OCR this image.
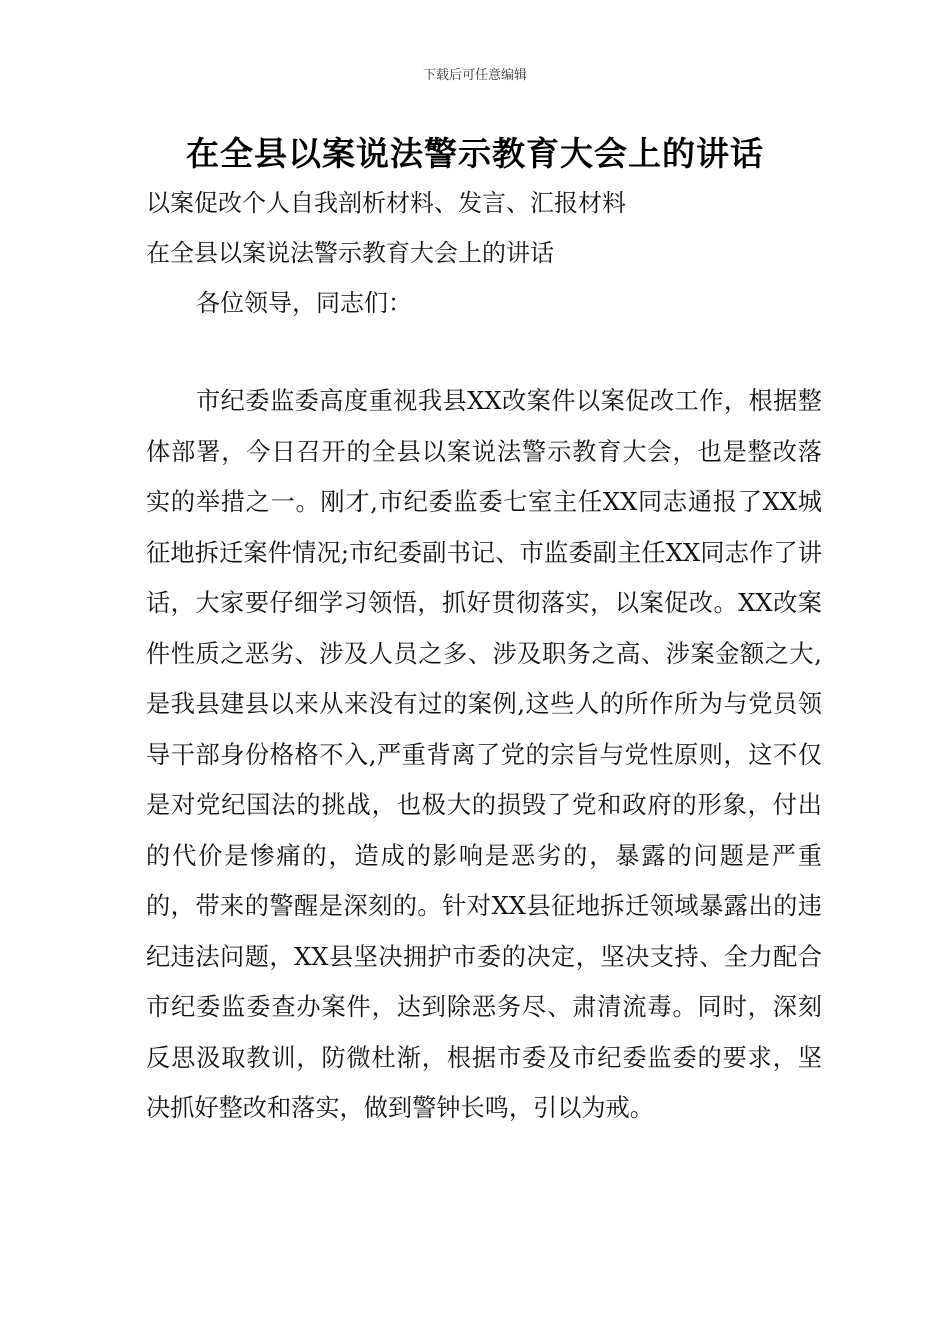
下载后可任意编辑
在全县以案说法警示教育大会上的讲话
以案促改个人自我剖析材料、发言、汇报材料
在全县以案说法警示教育大会上的讲话
各位领导，同志们：

市纪委监委高度重视我县XX改案件以案促改工作，根据整体部署，今日召开的全县以案说法警示教育大会，也是整改落实的举措之一。刚才,市纪委监委七室主任XX同志通报了XX城征地拆迁案件情况;市纪委副书记、市监委副主任XX同志作了讲话，大家要仔细学习领悟，抓好贯彻落实，以案促改。XX改案件性质之恶劣、涉及人员之多、涉及职务之高、涉案金额之大,是我县建县以来从来没有过的案例,这些人的所作所为与党员领导干部身份格格不入,严重背离了党的宗旨与党性原则，这不仅是对党纪国法的挑战，也极大的损毁了党和政府的形象，付出的代价是惨痛的，造成的影响是恶劣的，暴露的问题是严重的，带来的警醒是深刻的。针对XX县征地拆迁领域暴露出的违纪违法问题，XX县坚决拥护市委的决定，坚决支持、全力配合市纪委监委查办案件，达到除恶务尽、肃清流毒。同时，深刻反思汲取教训，防微杜渐，根据市委及市纪委监委的要求，坚决抓好整改和落实，做到警钟长鸣，引以为戒。
